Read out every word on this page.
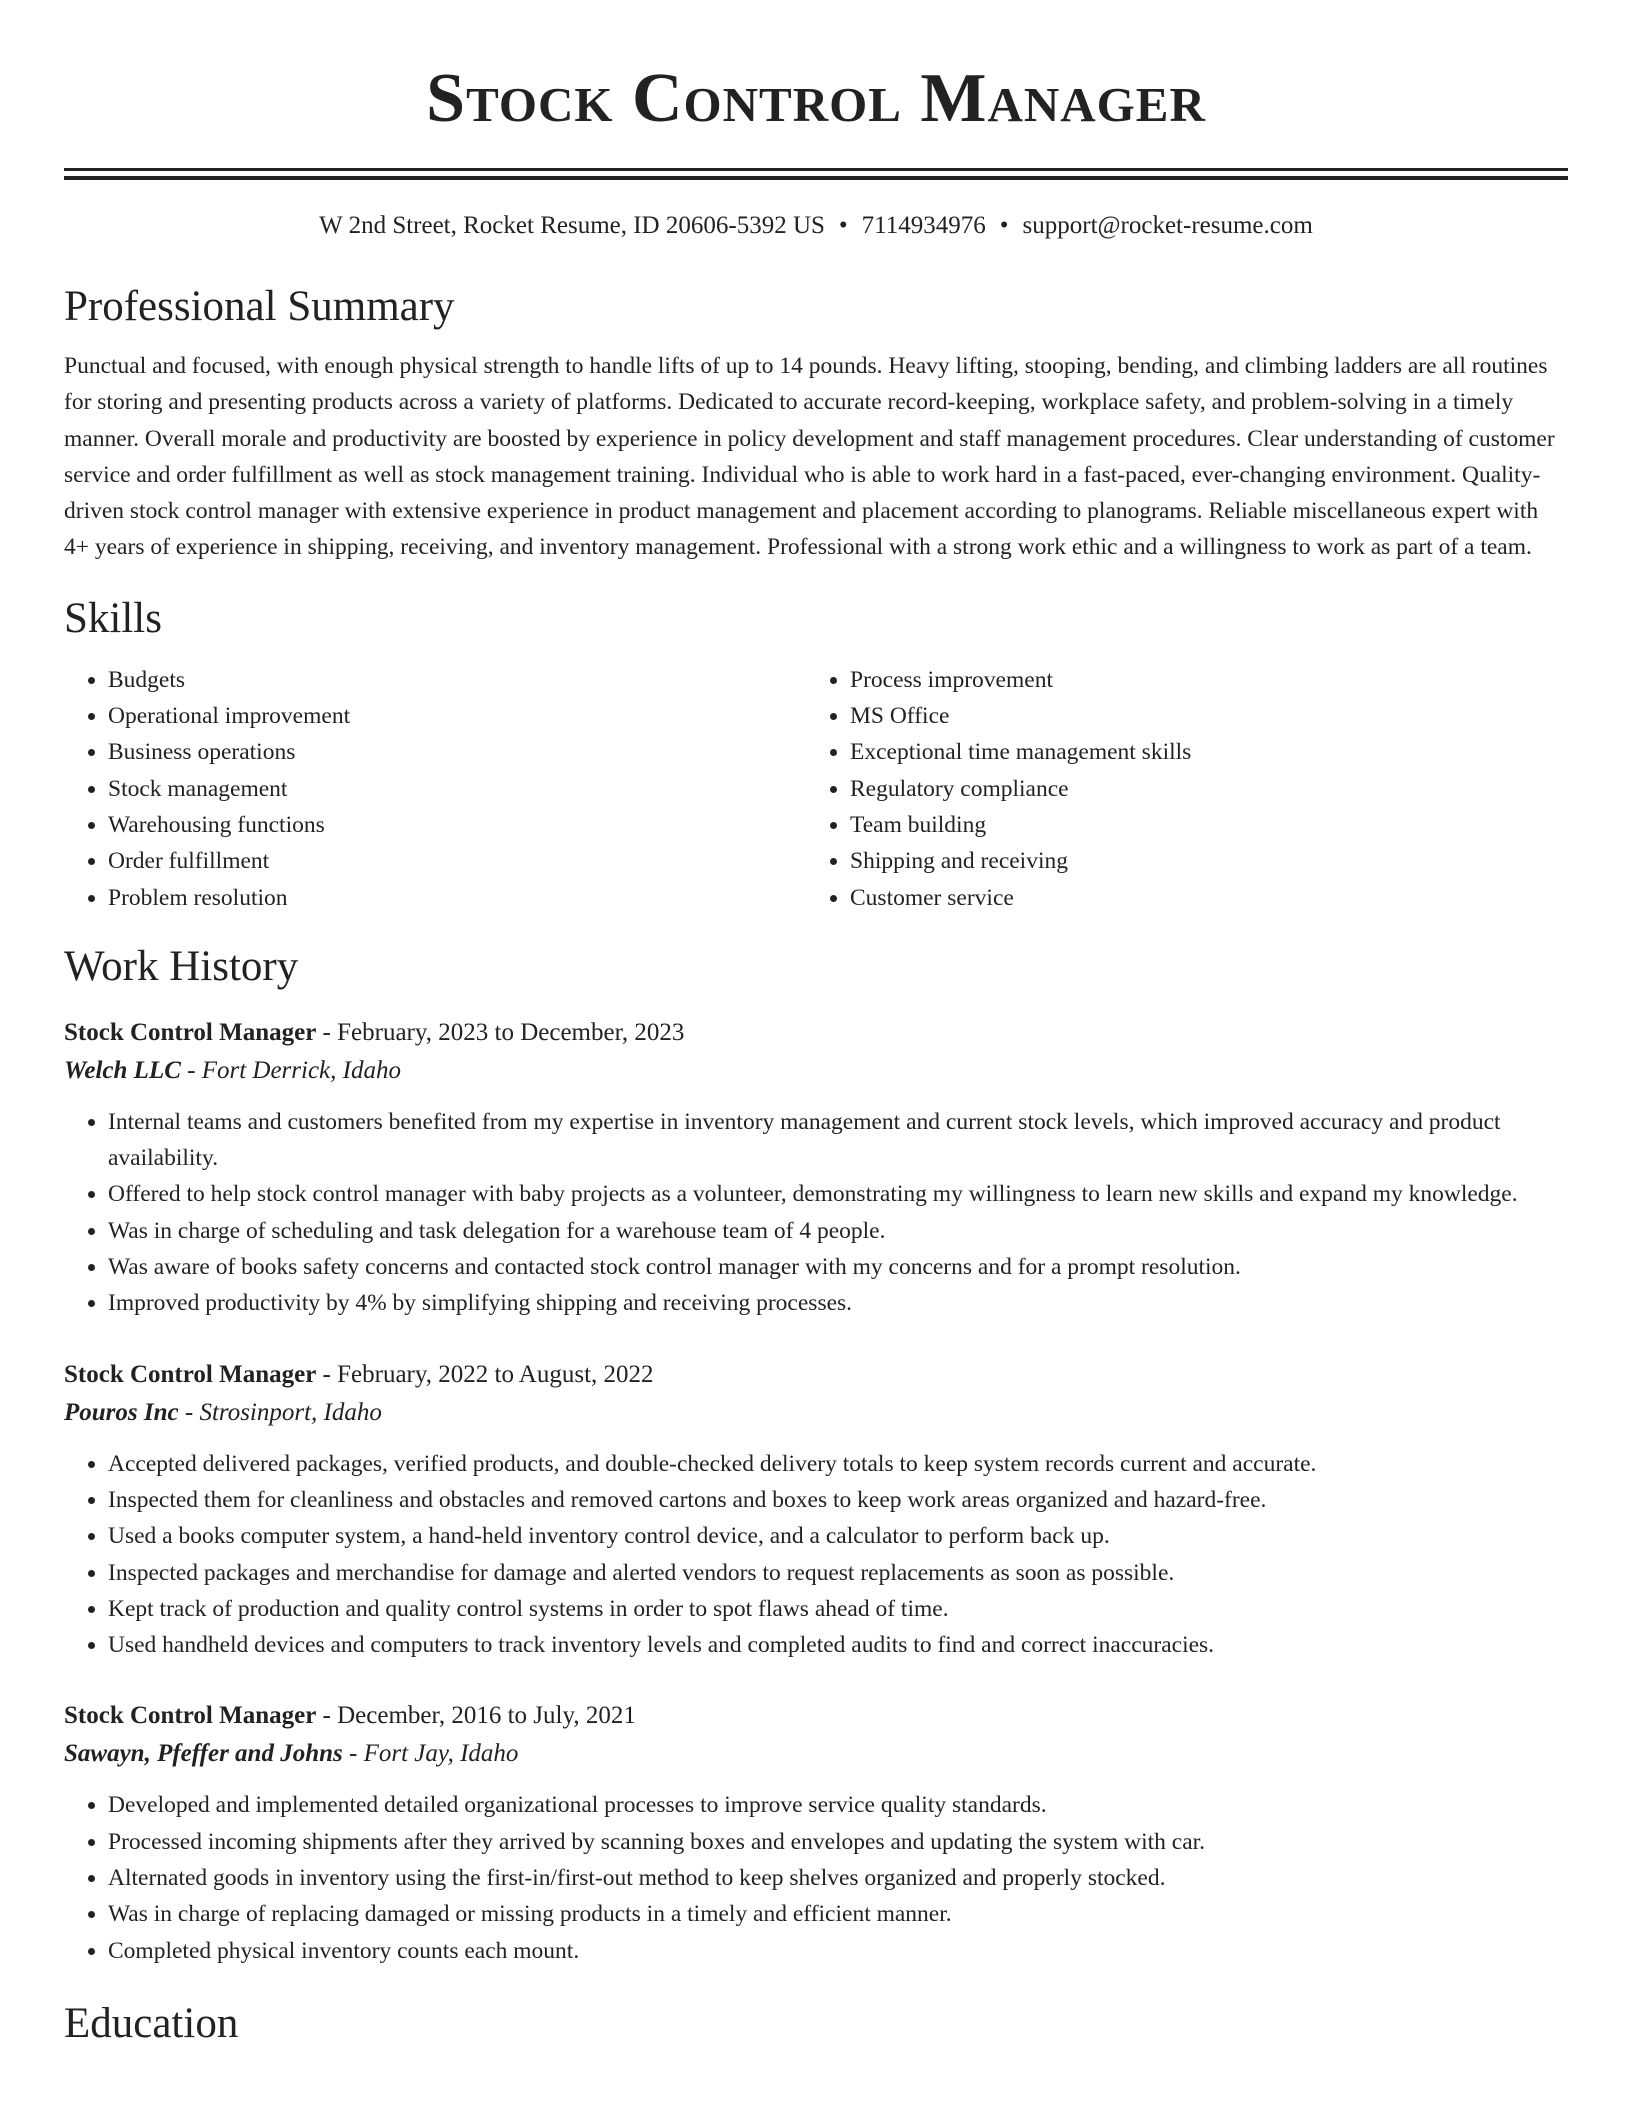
Stock Control Manager
W 2nd Street, Rocket Resume, ID 20606-5392 US • 7114934976 • support@rocket-resume.com
Professional Summary
Punctual and focused, with enough physical strength to handle lifts of up to 14 pounds. Heavy lifting, stooping, bending, and climbing ladders are all routines for storing and presenting products across a variety of platforms. Dedicated to accurate record-keeping, workplace safety, and problem-solving in a timely manner. Overall morale and productivity are boosted by experience in policy development and staff management procedures. Clear understanding of customer service and order fulfillment as well as stock management training. Individual who is able to work hard in a fast-paced, ever-changing environment. Quality-driven stock control manager with extensive experience in product management and placement according to planograms. Reliable miscellaneous expert with 4+ years of experience in shipping, receiving, and inventory management. Professional with a strong work ethic and a willingness to work as part of a team.
Skills
• Budgets
• Operational improvement
• Business operations
• Stock management
• Warehousing functions
• Order fulfillment
• Problem resolution
• Process improvement
• MS Office
• Exceptional time management skills
• Regulatory compliance
• Team building
• Shipping and receiving
• Customer service
Work History
Stock Control Manager - February, 2023 to December, 2023
Welch LLC - Fort Derrick, Idaho
• Internal teams and customers benefited from my expertise in inventory management and current stock levels, which improved accuracy and product availability.
• Offered to help stock control manager with baby projects as a volunteer, demonstrating my willingness to learn new skills and expand my knowledge.
• Was in charge of scheduling and task delegation for a warehouse team of 4 people.
• Was aware of books safety concerns and contacted stock control manager with my concerns and for a prompt resolution.
• Improved productivity by 4% by simplifying shipping and receiving processes.
Stock Control Manager - February, 2022 to August, 2022
Pouros Inc - Strosinport, Idaho
• Accepted delivered packages, verified products, and double-checked delivery totals to keep system records current and accurate.
• Inspected them for cleanliness and obstacles and removed cartons and boxes to keep work areas organized and hazard-free.
• Used a books computer system, a hand-held inventory control device, and a calculator to perform back up.
• Inspected packages and merchandise for damage and alerted vendors to request replacements as soon as possible.
• Kept track of production and quality control systems in order to spot flaws ahead of time.
• Used handheld devices and computers to track inventory levels and completed audits to find and correct inaccuracies.
Stock Control Manager - December, 2016 to July, 2021
Sawayn, Pfeffer and Johns - Fort Jay, Idaho
• Developed and implemented detailed organizational processes to improve service quality standards.
• Processed incoming shipments after they arrived by scanning boxes and envelopes and updating the system with car.
• Alternated goods in inventory using the first-in/first-out method to keep shelves organized and properly stocked.
• Was in charge of replacing damaged or missing products in a timely and efficient manner.
• Completed physical inventory counts each mount.
Education
